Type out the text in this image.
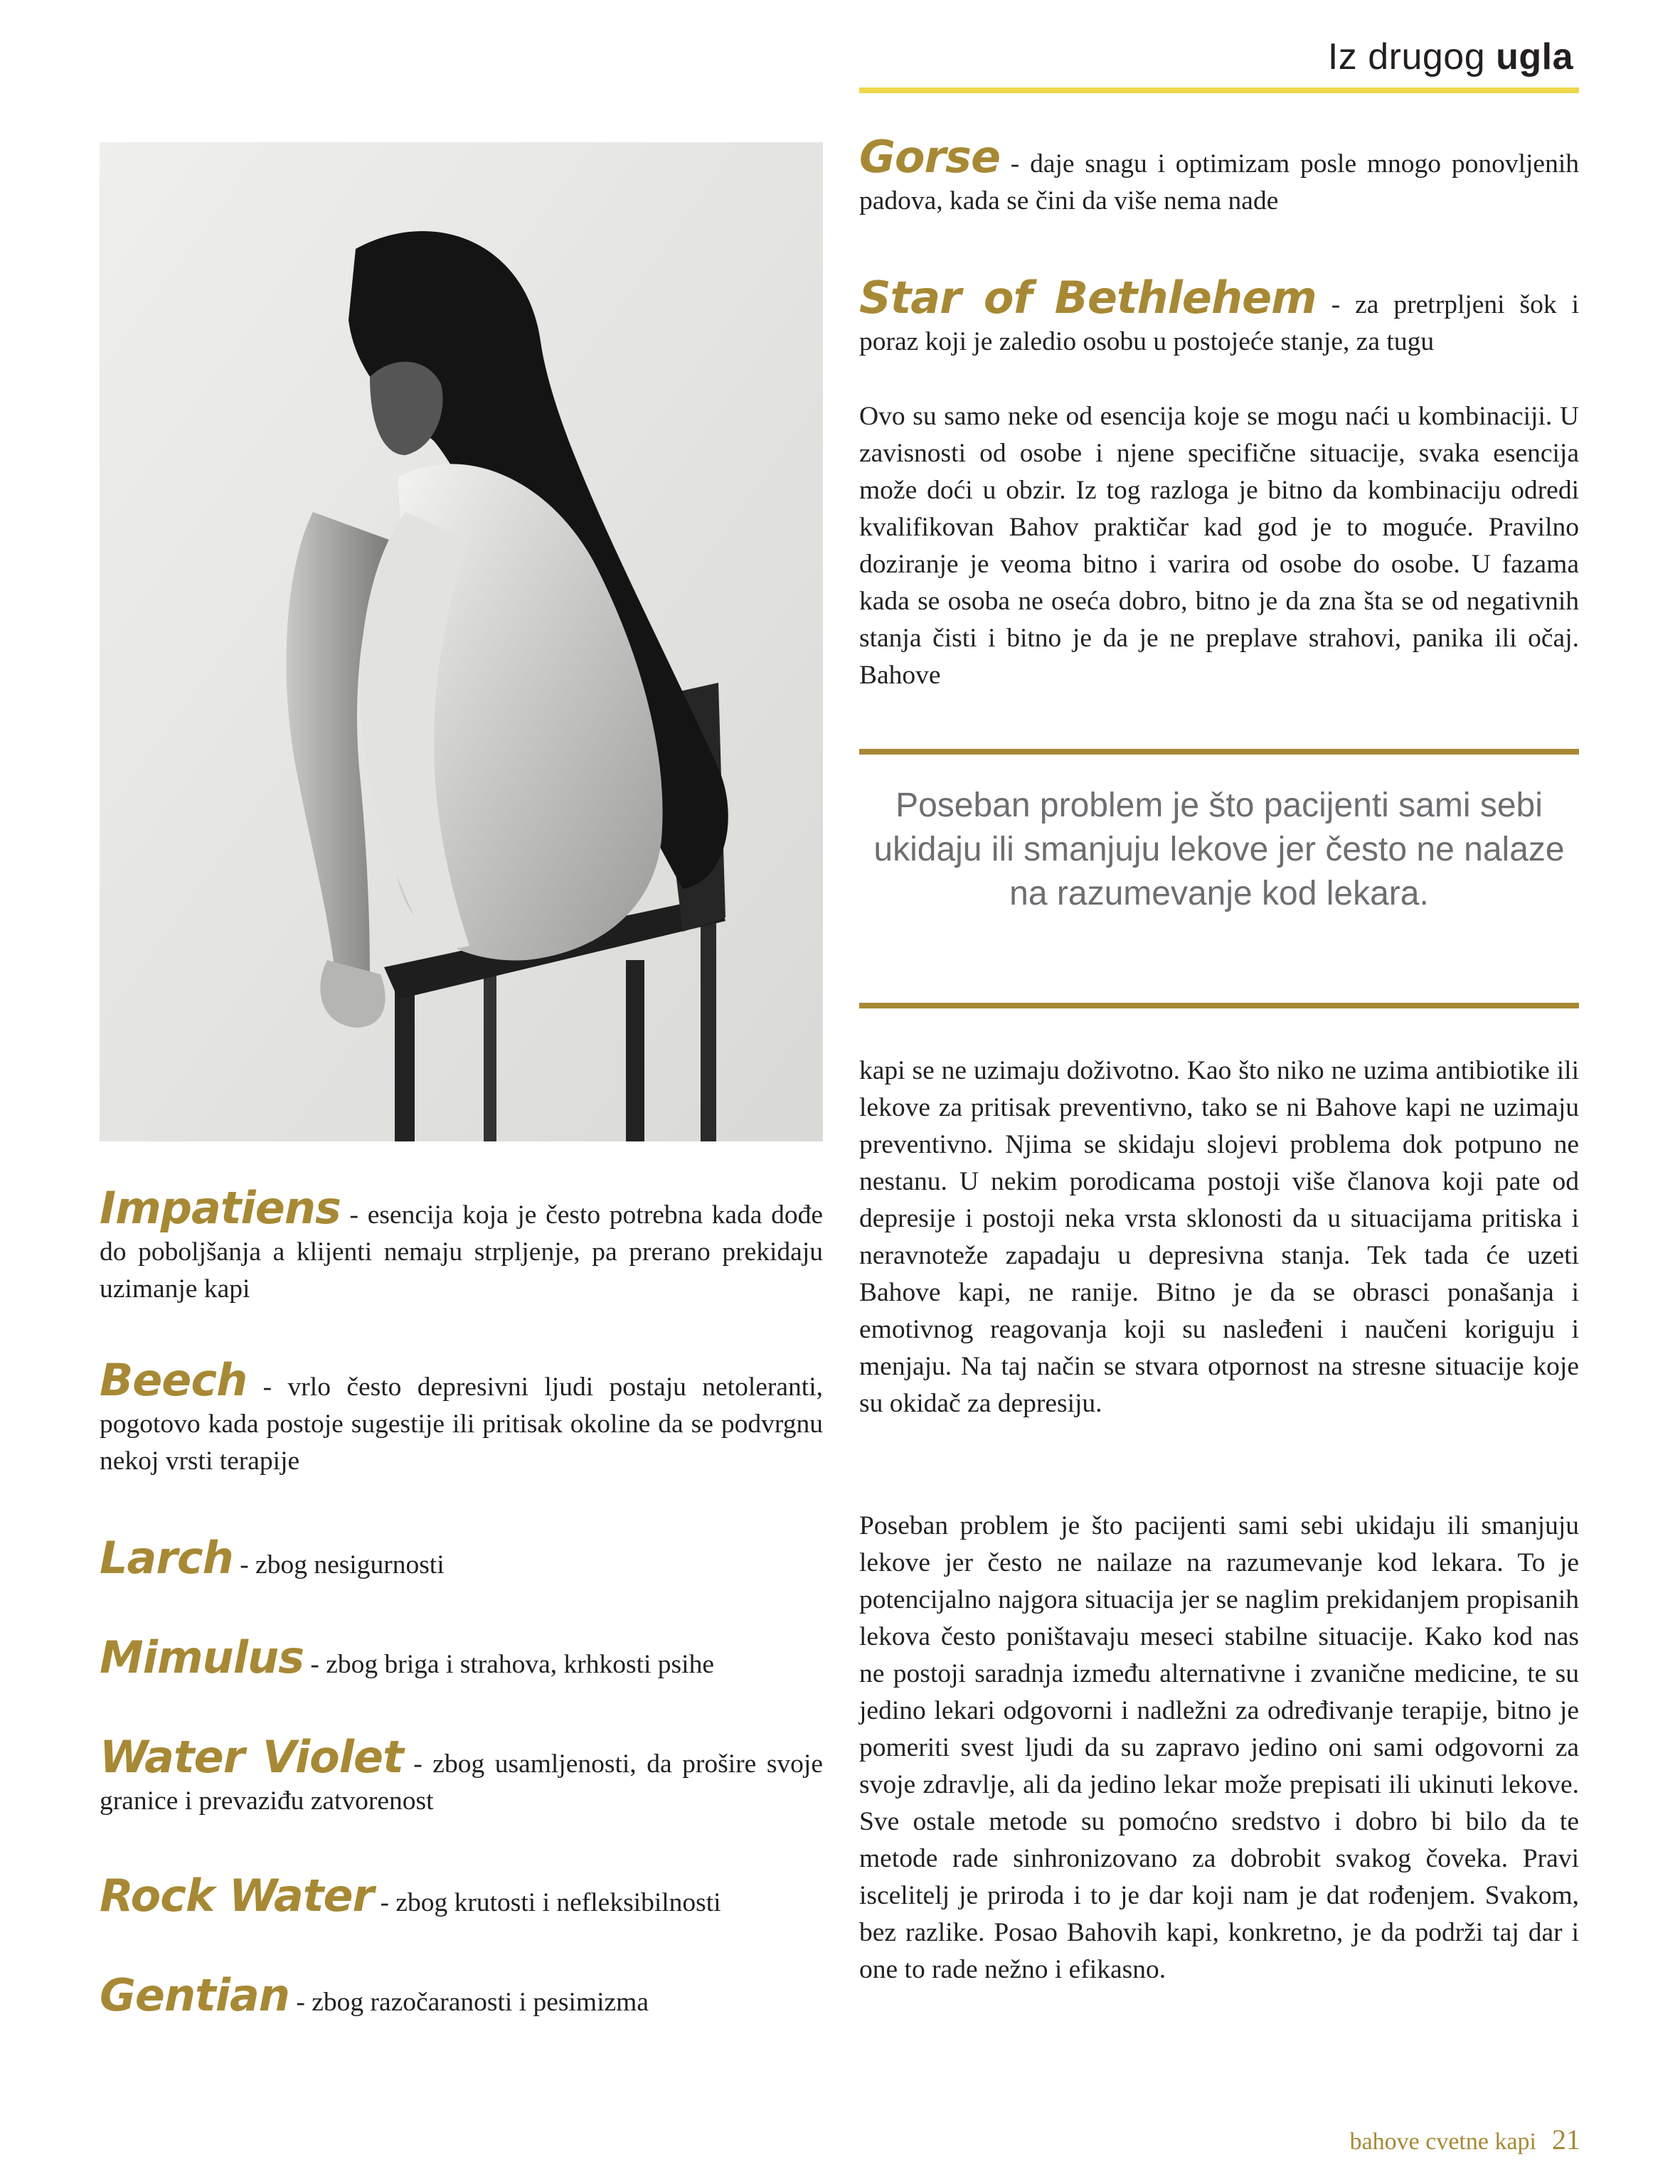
Iz drugog ugla

Gorse - daje snagu i optimizam posle mnogo ponovljenih padova, kada se čini da više nema nade

Star of Bethlehem - za pretrpljeni šok i poraz koji je zaledio osobu u postojeće stanje, za tugu

Ovo su samo neke od esencija koje se mogu naći u kombinaciji. U zavisnosti od osobe i njene specifične situacije, svaka esencija može doći u obzir. Iz tog razloga je bitno da kombinaciju odredi kvalifikovan Bahov praktičar kad god je to moguće. Pravilno doziranje je veoma bitno i varira od osobe do osobe. U fazama kada se osoba ne oseća dobro, bitno je da zna šta se od negativnih stanja čisti i bitno je da je ne preplave strahovi, panika ili očaj. Bahove

Poseban problem je što pacijenti sami sebi ukidaju ili smanjuju lekove jer često ne nalaze na razumevanje kod lekara.

kapi se ne uzimaju doživotno. Kao što niko ne uzima antibiotike ili lekove za pritisak preventivno, tako se ni Bahove kapi ne uzimaju preventivno. Njima se skidaju slojevi problema dok potpuno ne nestanu. U nekim porodicama postoji više članova koji pate od depresije i postoji neka vrsta sklonosti da u situacijama pritiska i neravnoteže zapadaju u depresivna stanja. Tek tada će uzeti Bahove kapi, ne ranije. Bitno je da se obrasci ponašanja i emotivnog reagovanja koji su nasleđeni i naučeni koriguju i menjaju. Na taj način se stvara otpornost na stresne situacije koje su okidač za depresiju.

Poseban problem je što pacijenti sami sebi ukidaju ili smanjuju lekove jer često ne nailaze na razumevanje kod lekara. To je potencijalno najgora situacija jer se naglim prekidanjem propisanih lekova često poništavaju meseci stabilne situacije. Kako kod nas ne postoji saradnja između alternativne i zvanične medicine, te su jedino lekari odgovorni i nadležni za određivanje terapije, bitno je pomeriti svest ljudi da su zapravo jedino oni sami odgovorni za svoje zdravlje, ali da jedino lekar može prepisati ili ukinuti lekove. Sve ostale metode su pomoćno sredstvo i dobro bi bilo da te metode rade sinhronizovano za dobrobit svakog čoveka. Pravi iscelitelj je priroda i to je dar koji nam je dat rođenjem. Svakom, bez razlike. Posao Bahovih kapi, konkretno, je da podrži taj dar i one to rade nežno i efikasno.

Impatiens - esencija koja je često potrebna kada dođe do poboljšanja a klijenti nemaju strpljenje, pa prerano prekidaju uzimanje kapi

Beech - vrlo često depresivni ljudi postaju netoleranti, pogotovo kada postoje sugestije ili pritisak okoline da se podvrgnu nekoj vrsti terapije

Larch - zbog nesigurnosti

Mimulus - zbog briga i strahova, krhkosti psihe

Water Violet - zbog usamljenosti, da prošire svoje granice i prevaziđu zatvorenost

Rock Water - zbog krutosti i nefleksibilnosti

Gentian - zbog razočaranosti i pesimizma

bahove cvetne kapi 21
